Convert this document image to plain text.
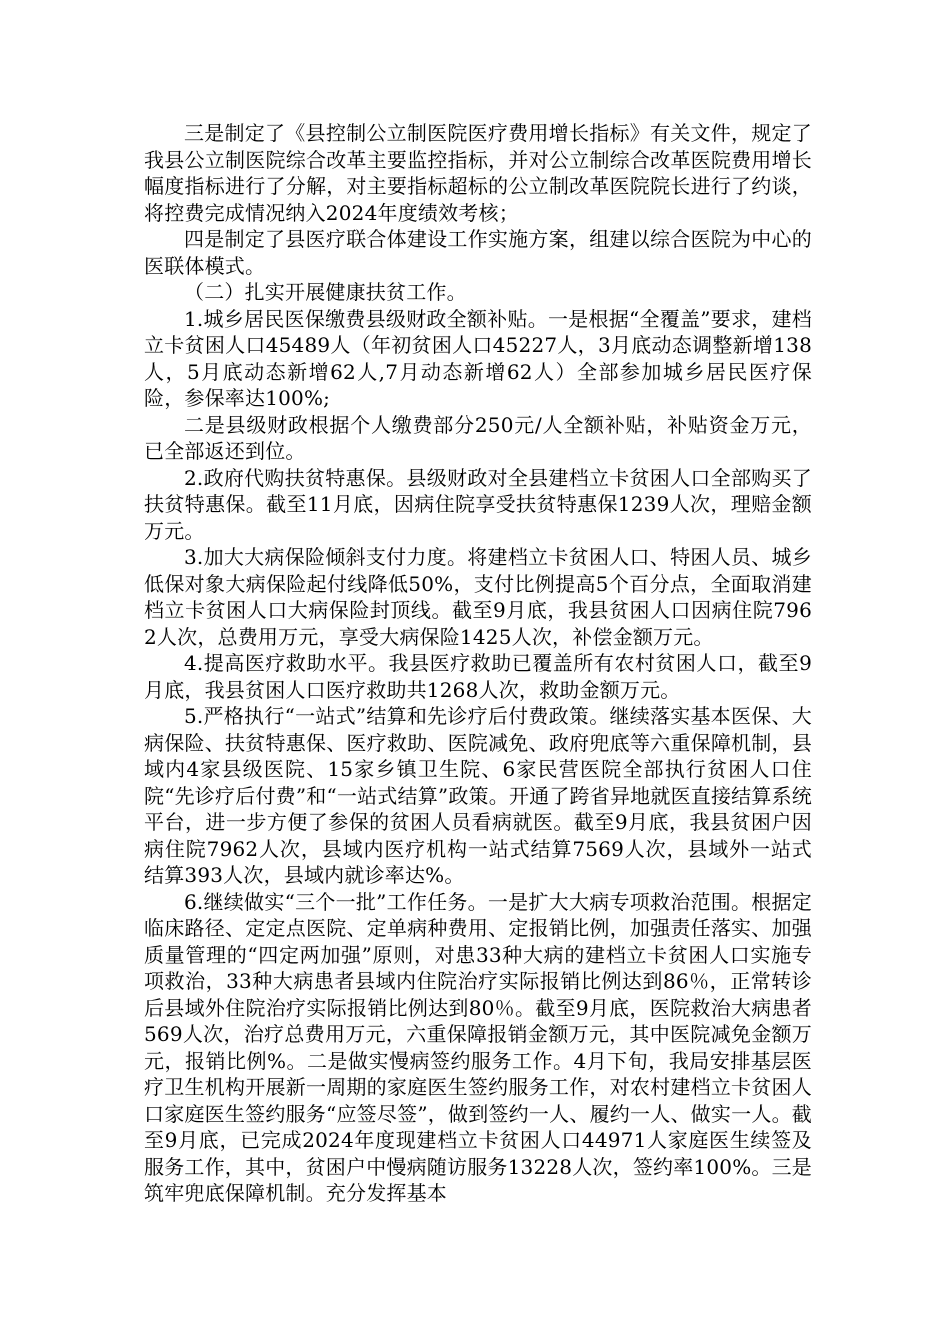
三是制定了《县控制公立制医院医疗费用增长指标》有关文件，规定了我县公立制医院综合改革主要监控指标，并对公立制综合改革医院费用增长幅度指标进行了分解，对主要指标超标的公立制改革医院院长进行了约谈，将控费完成情况纳入2024年度绩效考核；

四是制定了县医疗联合体建设工作实施方案，组建以综合医院为中心的医联体模式。

（二）扎实开展健康扶贫工作。

1.城乡居民医保缴费县级财政全额补贴。一是根据“全覆盖”要求，建档立卡贫困人口45489人（年初贫困人口45227人，3月底动态调整新增138人，5月底动态新增62人,7月动态新增62人）全部参加城乡居民医疗保险，参保率达100%;

二是县级财政根据个人缴费部分250元/人全额补贴，补贴资金万元，已全部返还到位。

2.政府代购扶贫特惠保。县级财政对全县建档立卡贫困人口全部购买了扶贫特惠保。截至11月底，因病住院享受扶贫特惠保1239人次，理赔金额万元。

3.加大大病保险倾斜支付力度。将建档立卡贫困人口、特困人员、城乡低保对象大病保险起付线降低50%，支付比例提高5个百分点，全面取消建档立卡贫困人口大病保险封顶线。截至9月底，我县贫困人口因病住院7962人次，总费用万元，享受大病保险1425人次，补偿金额万元。

4.提高医疗救助水平。我县医疗救助已覆盖所有农村贫困人口，截至9月底，我县贫困人口医疗救助共1268人次，救助金额万元。

5.严格执行“一站式”结算和先诊疗后付费政策。继续落实基本医保、大病保险、扶贫特惠保、医疗救助、医院减免、政府兜底等六重保障机制，县域内4家县级医院、15家乡镇卫生院、6家民营医院全部执行贫困人口住院“先诊疗后付费”和“一站式结算”政策。开通了跨省异地就医直接结算系统平台，进一步方便了参保的贫困人员看病就医。截至9月底，我县贫困户因病住院7962人次，县域内医疗机构一站式结算7569人次，县域外一站式结算393人次，县域内就诊率达%。

6.继续做实“三个一批”工作任务。一是扩大大病专项救治范围。根据定临床路径、定定点医院、定单病种费用、定报销比例，加强责任落实、加强质量管理的“四定两加强”原则，对患33种大病的建档立卡贫困人口实施专项救治，33种大病患者县域内住院治疗实际报销比例达到86％，正常转诊后县域外住院治疗实际报销比例达到80％。截至9月底，医院救治大病患者569人次，治疗总费用万元，六重保障报销金额万元，其中医院减免金额万元，报销比例%。二是做实慢病签约服务工作。4月下旬，我局安排基层医疗卫生机构开展新一周期的家庭医生签约服务工作，对农村建档立卡贫困人口家庭医生签约服务“应签尽签”，做到签约一人、履约一人、做实一人。截至9月底，已完成2024年度现建档立卡贫困人口44971人家庭医生续签及服务工作，其中，贫困户中慢病随访服务13228人次，签约率100%。三是筑牢兜底保障机制。充分发挥基本
